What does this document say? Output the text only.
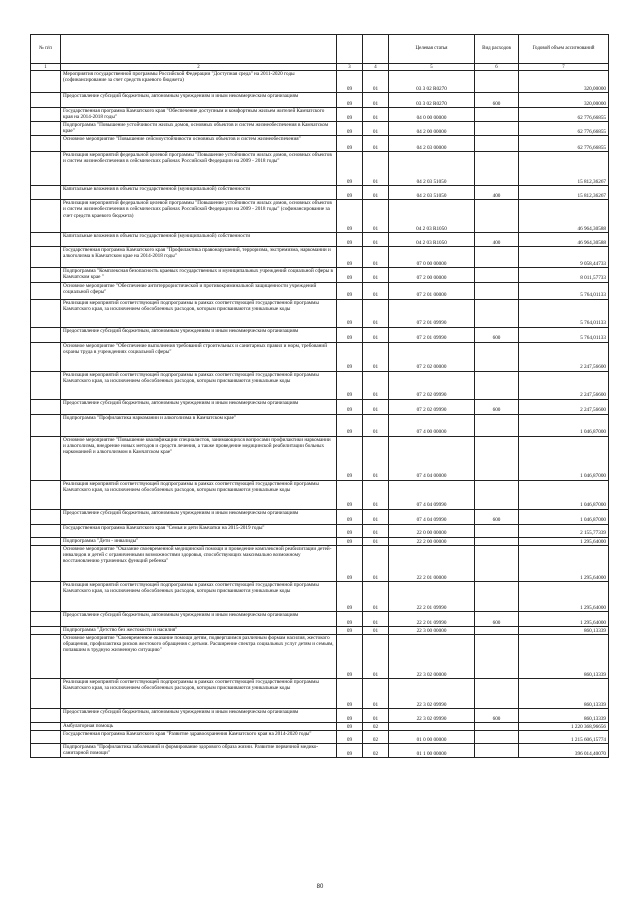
№ п/п				Целевая статья	Вид расходов	Годовой объем ассигнований
1	2	3	4	5	6	7
	Мероприятия государственной программы Российской Федерации "Доступная среда" на 2011-2020 годы (софинансирование за счет средств краевого бюджета)	09	01	03 3 02 R0270		320,00000
	Предоставление субсидий бюджетным, автономным учреждениям и иным некоммерческим организациям	09	01	03 3 02 R0270	600	320,00000
	Государственная программа Камчатского края "Обеспечение доступным и комфортным жильем жителей Камчатского края на 2014-2018 годы"	09	01	04 0 00 00000		62 776,66855
	Подпрограмма "Повышение устойчивости жилых домов, основных объектов и систем жизнеобеспечения в Камчатском крае"	09	01	04 2 00 00000		62 776,66855
	Основное мероприятие "Повышение сейсмоустойчивости основных объектов и систем жизнеобеспечения"	09	01	04 2 03 00000		62 776,66855
	Реализация мероприятий федеральной целевой программы "Повышение устойчивости жилых домов, основных объектов и систем жизнеобеспечения в сейсмических районах Российской Федерации на 2009 - 2018 годы"	09	01	04 2 03 51050		15 812,36267
	Капитальные вложения в объекты государственной (муниципальной) собственности	09	01	04 2 03 51050	400	15 812,36267
	Реализация мероприятий федеральной целевой программы "Повышение устойчивости жилых домов, основных объектов и систем жизнеобеспечения в сейсмических районах Российской Федерации на 2009 - 2018 годы" (софинансирование за счет средств краевого бюджета)	09	01	04 2 03 R1050		46 964,30588
	Капитальные вложения в объекты государственной (муниципальной) собственности	09	01	04 2 03 R1050	400	46 964,30588
	Государственная программа Камчатского края "Профилактика правонарушений, терроризма, экстремизма, наркомании и алкоголизма в Камчатском крае на 2014-2018 годы"	09	01	07 0 00 00000		9 058,44733
	Подпрограмма "Комплексная безопасность краевых государственных и муниципальных учреждений социальной сферы в Камчатском крае "	09	01	07 2 00 00000		8 011,57733
	Основное мероприятие "Обеспечение антитеррористической и противокриминальной защищенности учреждений социальной сферы"	09	01	07 2 01 00000		5 764,01133
	Реализация мероприятий соответствующей подпрограммы в рамках соответствующей государственной программы Камчатского края, за исключением обособленных расходов, которым присваиваются уникальные коды	09	01	07 2 01 09990		5 764,01133
	Предоставление субсидий бюджетным, автономным учреждениям и иным некоммерческим организациям	09	01	07 2 01 09990	600	5 764,01133
	Основное мероприятие "Обеспечение выполнения требований строительных и санитарных правил и норм, требований охраны труда в учреждениях социальной сферы"	09	01	07 2 02 00000		2 247,56600
	Реализация мероприятий соответствующей подпрограммы в рамках соответствующей государственной программы Камчатского края, за исключением обособленных расходов, которым присваиваются уникальные коды	09	01	07 2 02 09990		2 247,56600
	Предоставление субсидий бюджетным, автономным учреждениям и иным некоммерческим организациям	09	01	07 2 02 09990	600	2 247,56600
	Подпрограмма "Профилактика наркомании и алкоголизма в Камчатском крае"	09	01	07 4 00 00000		1 046,87000
	Основное мероприятие "Повышение квалификации специалистов, занимающихся вопросами профилактики наркомании и алкоголизма, внедрение новых методов и средств лечения, а также проведение медицинской реабилитации больных наркоманией и алкоголизмом в Камчатском крае"	09	01	07 4 04 00000		1 046,87000
	Реализация мероприятий соответствующей подпрограммы в рамках соответствующей государственной программы Камчатского края, за исключением обособленных расходов, которым присваиваются уникальные коды	09	01	07 4 04 09990		1 046,87000
	Предоставление субсидий бюджетным, автономным учреждениям и иным некоммерческим организациям	09	01	07 4 04 09990	600	1 046,87000
	Государственная программа Камчатского края "Семья и дети Камчатки на 2015-2019 годы"	09	01	22 0 00 00000		2 155,77339
	Подпрограмма "Дети - инвалиды"	09	01	22 2 00 00000		1 295,64000
	Основное мероприятие "Оказание своевременной медицинской помощи и проведение комплексной реабилитации детей-инвалидов и детей с ограниченными возможностями здоровья, способствующих максимально возможному восстановлению утраченных функций ребенка"	09	01	22 2 01 00000		1 295,64000
	Реализация мероприятий соответствующей подпрограммы в рамках соответствующей государственной программы Камчатского края, за исключением обособленных расходов, которым присваиваются уникальные коды	09	01	22 2 01 09990		1 295,64000
	Предоставление субсидий бюджетным, автономным учреждениям и иным некоммерческим организациям	09	01	22 2 01 09990	600	1 295,64000
	Подпрограмма "Детство без жестокости и насилия"	09	01	22 3 00 00000		860,13339
	Основное мероприятие "Своевременное оказание помощи детям, подвергшимся различным формам насилия, жестокого обращения, профилактика рисков жестокого обращения с детьми. Расширение спектра социальных услуг детям и семьям, попавшим в трудную жизненную ситуацию"	09	01	22 3 02 00000		860,13339
	Реализация мероприятий соответствующей подпрограммы в рамках соответствующей государственной программы Камчатского края, за исключением обособленных расходов, которым присваиваются уникальные коды	09	01	22 3 02 09990		860,13339
	Предоставление субсидий бюджетным, автономным учреждениям и иным некоммерческим организациям	09	01	22 3 02 09990	600	860,13339
	Амбулаторная помощь	09	02			1 220 368,96656
	Государственная программа Камчатского края "Развитие здравоохранения Камчатского края на 2014-2020 годы"	09	02	01 0 00 00000		1 215 606,15774
	Подпрограмма "Профилактика заболеваний и формирование здорового образа жизни. Развитие первичной медико-санитарной помощи"	09	02	01 1 00 00000		396 014,40070
80
